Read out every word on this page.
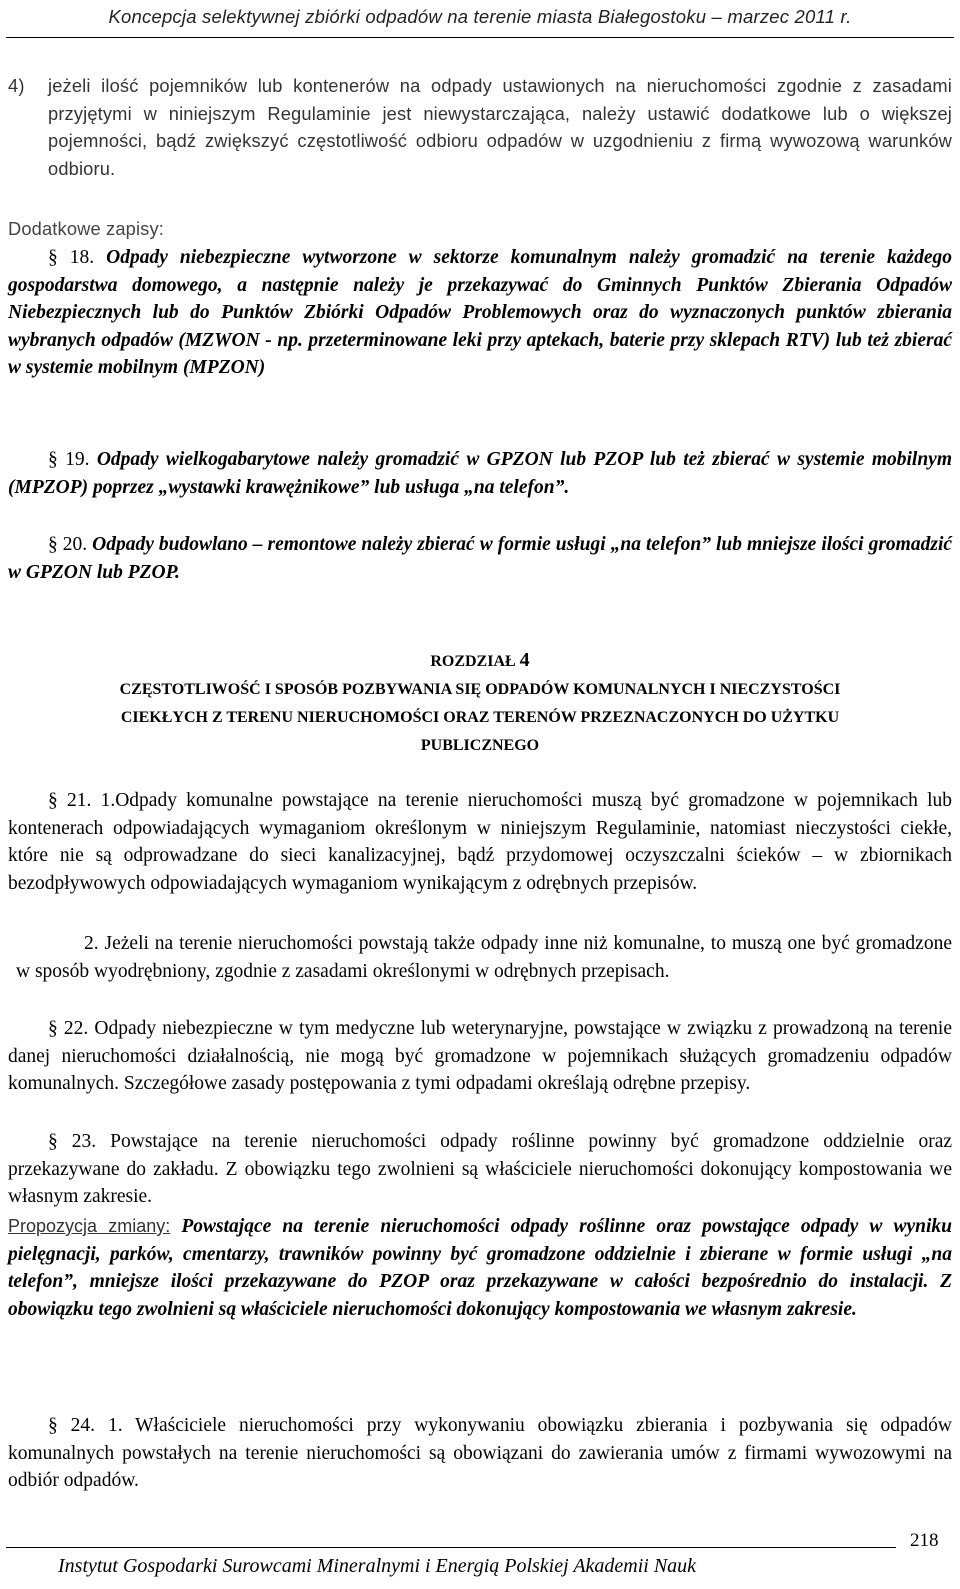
Koncepcja selektywnej zbiórki odpadów na terenie miasta Białegostoku – marzec 2011 r.
4) jeżeli ilość pojemników lub kontenerów na odpady ustawionych na nieruchomości zgodnie z zasadami przyjętymi w niniejszym Regulaminie jest niewystarczająca, należy ustawić dodatkowe lub o większej pojemności, bądź zwiększyć częstotliwość odbioru odpadów w uzgodnieniu z firmą wywozową warunków odbioru.
Dodatkowe zapisy:
§ 18. Odpady niebezpieczne wytworzone w sektorze komunalnym należy gromadzić na terenie każdego gospodarstwa domowego, a następnie należy je przekazywać do Gminnych Punktów Zbierania Odpadów Niebezpiecznych lub do Punktów Zbiórki Odpadów Problemowych oraz do wyznaczonych punktów zbierania wybranych odpadów (MZWON - np. przeterminowane leki przy aptekach, baterie przy sklepach RTV) lub też zbierać w systemie mobilnym (MPZON)
§ 19. Odpady wielkogabarytowe należy gromadzić w GPZON lub PZOP lub też zbierać w systemie mobilnym (MPZOP) poprzez „wystawki krawężnikowe” lub usługa „na telefon”.
§ 20. Odpady budowlano – remontowe należy zbierać w formie usługi „na telefon” lub mniejsze ilości gromadzić w GPZON lub PZOP.
ROZDZIAŁ 4
CZĘSTOTLIWOŚĆ I SPOSÓB POZBYWANIA SIĘ ODPADÓW KOMUNALNYCH I NIECZYSTOŚCI
CIEKŁYCH Z TERENU NIERUCHOMOŚCI ORAZ TERENÓW PRZEZNACZONYCH DO UŻYTKU
PUBLICZNEGO
§ 21. 1.Odpady komunalne powstające na terenie nieruchomości muszą być gromadzone w pojemnikach lub kontenerach odpowiadających wymaganiom określonym w niniejszym Regulaminie, natomiast nieczystości ciekłe, które nie są odprowadzane do sieci kanalizacyjnej, bądź przydomowej oczyszczalni ścieków – w zbiornikach bezodpływowych odpowiadających wymaganiom wynikającym z odrębnych przepisów.
2. Jeżeli na terenie nieruchomości powstają także odpady inne niż komunalne, to muszą one być gromadzone w sposób wyodrębniony, zgodnie z zasadami określonymi w odrębnych przepisach.
§ 22. Odpady niebezpieczne w tym medyczne lub weterynaryjne, powstające w związku z prowadzoną na terenie danej nieruchomości działalnością, nie mogą być gromadzone w pojemnikach służących gromadzeniu odpadów komunalnych. Szczegółowe zasady postępowania z tymi odpadami określają odrębne przepisy.
§ 23. Powstające na terenie nieruchomości odpady roślinne powinny być gromadzone oddzielnie oraz przekazywane do zakładu. Z obowiązku tego zwolnieni są właściciele nieruchomości dokonujący kompostowania we własnym zakresie.
Propozycja zmiany: Powstające na terenie nieruchomości odpady roślinne oraz powstające odpady w wyniku pielęgnacji, parków, cmentarzy, trawników powinny być gromadzone oddzielnie i zbierane w formie usługi „na telefon”, mniejsze ilości przekazywane do PZOP oraz przekazywane w całości bezpośrednio do instalacji. Z obowiązku tego zwolnieni są właściciele nieruchomości dokonujący kompostowania we własnym zakresie.
§ 24. 1. Właściciele nieruchomości przy wykonywaniu obowiązku zbierania i pozbywania się odpadów komunalnych powstałych na terenie nieruchomości są obowiązani do zawierania umów z firmami wywozowymi na odbiór odpadów.
Instytut Gospodarki Surowcami Mineralnymi i Energią Polskiej Akademii Nauk
218
